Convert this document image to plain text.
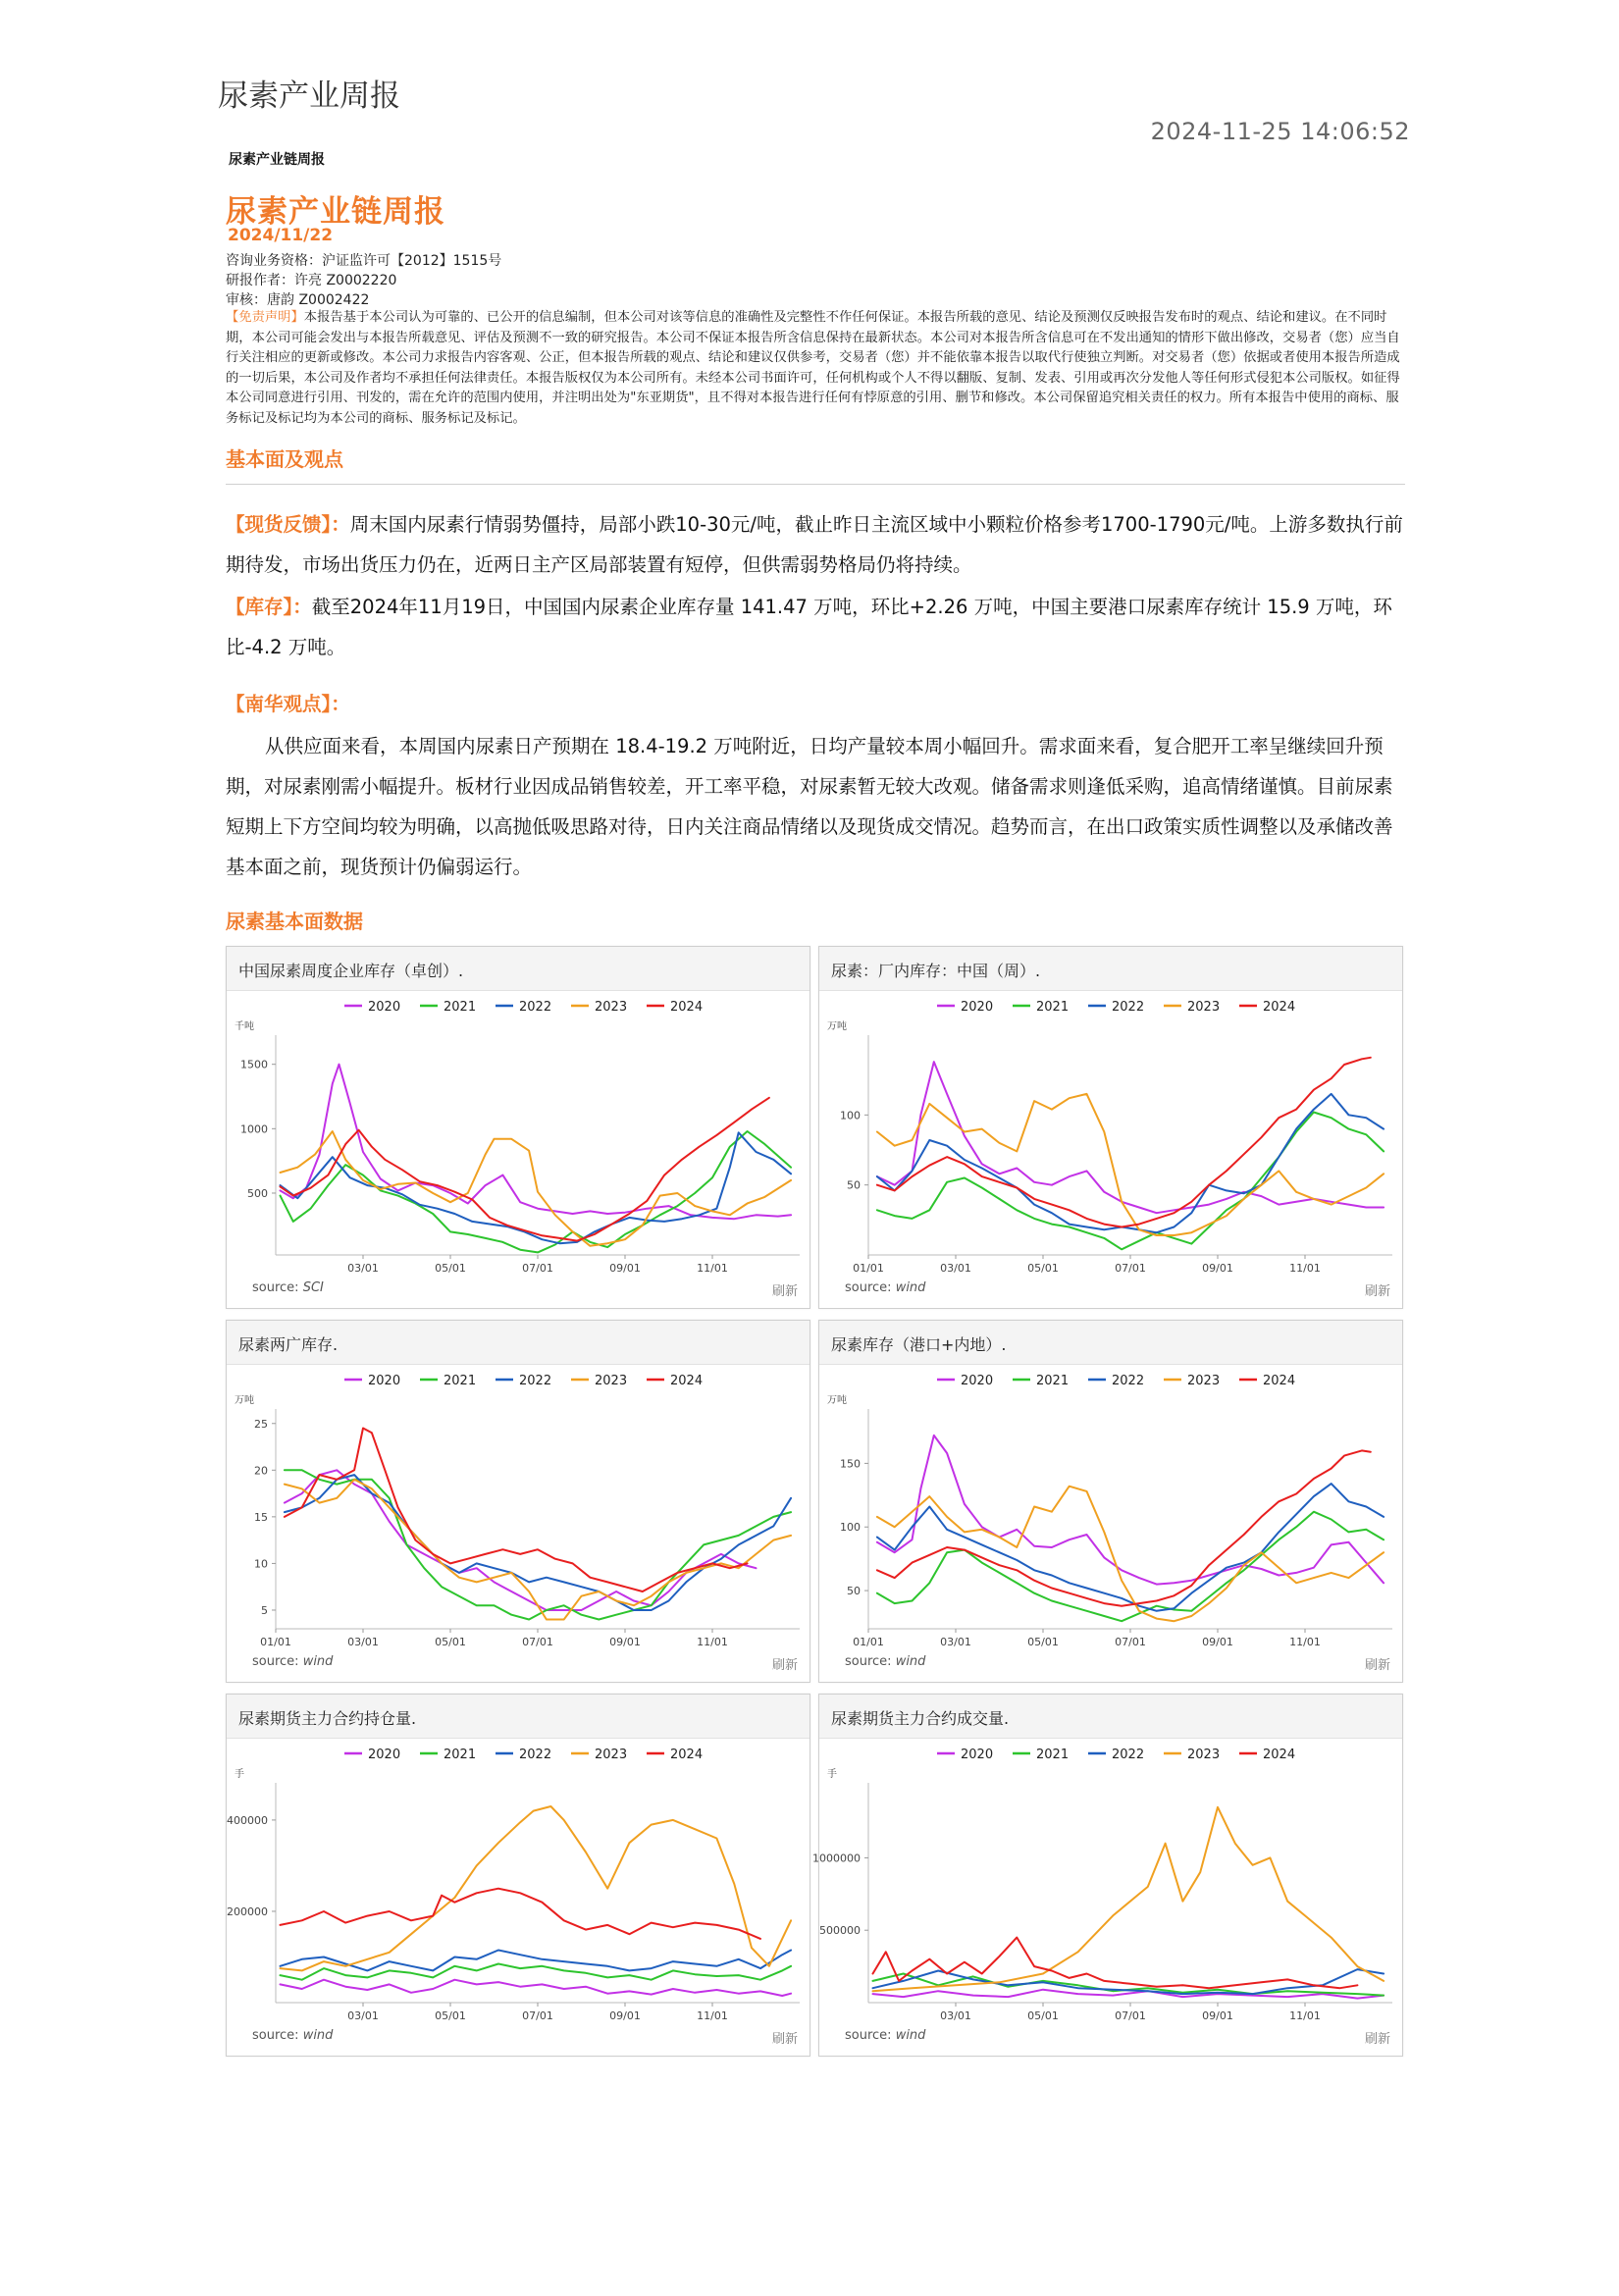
尿素产业周报
2024-11-25 14:06:52
尿素产业链周报
尿素产业链周报
2024/11/22
咨询业务资格：沪证监许可【2012】1515号
研报作者：许亮 Z0002220
审核：唐韵 Z0002422
【免责声明】本报告基于本公司认为可靠的、已公开的信息编制，但本公司对该等信息的准确性及完整性不作任何保证。本报告所载的意见、结论及预测仅反映报告发布时的观点、结论和建议。在不同时期，本公司可能会发出与本报告所载意见、评估及预测不一致的研究报告。本公司不保证本报告所含信息保持在最新状态。本公司对本报告所含信息可在不发出通知的情形下做出修改，交易者（您）应当自行关注相应的更新或修改。本公司力求报告内容客观、公正，但本报告所载的观点、结论和建议仅供参考，交易者（您）并不能依靠本报告以取代行使独立判断。对交易者（您）依据或者使用本报告所造成的一切后果，本公司及作者均不承担任何法律责任。本报告版权仅为本公司所有。未经本公司书面许可，任何机构或个人不得以翻版、复制、发表、引用或再次分发他人等任何形式侵犯本公司版权。如征得本公司同意进行引用、刊发的，需在允许的范围内使用，并注明出处为"东亚期货"，且不得对本报告进行任何有悖原意的引用、删节和修改。本公司保留追究相关责任的权力。所有本报告中使用的商标、服务标记及标记均为本公司的商标、服务标记及标记。
基本面及观点
【现货反馈】：周末国内尿素行情弱势僵持，局部小跌10-30元/吨，截止昨日主流区域中小颗粒价格参考1700-1790元/吨。上游多数执行前期待发，市场出货压力仍在，近两日主产区局部装置有短停，但供需弱势格局仍将持续。
【库存】：截至2024年11月19日，中国国内尿素企业库存量 141.47 万吨，环比+2.26 万吨，中国主要港口尿素库存统计 15.9 万吨，环比-4.2 万吨。
【南华观点】：
从供应面来看，本周国内尿素日产预期在 18.4-19.2 万吨附近，日均产量较本周小幅回升。需求面来看，复合肥开工率呈继续回升预期，对尿素刚需小幅提升。板材行业因成品销售较差，开工率平稳，对尿素暂无较大改观。储备需求则逢低采购，追高情绪谨慎。目前尿素短期上下方空间均较为明确，以高抛低吸思路对待，日内关注商品情绪以及现货成交情况。趋势而言，在出口政策实质性调整以及承储改善基本面之前，现货预计仍偏弱运行。
尿素基本面数据
中国尿素周度企业库存（卓创）.
2020	2021	2022	2023	2024
千吨
500
1000
1500
03/01	05/01	07/01	09/01	11/01
source: SCI	刷新
尿素：厂内库存：中国（周）.
2020	2021	2022	2023	2024
万吨
50
100
01/01	03/01	05/01	07/01	09/01	11/01
source: wind	刷新
尿素两广库存.
2020	2021	2022	2023	2024
万吨
5
10
15
20
25
01/01	03/01	05/01	07/01	09/01	11/01
source: wind	刷新
尿素库存（港口+内地）.
2020	2021	2022	2023	2024
万吨
50
100
150
01/01	03/01	05/01	07/01	09/01	11/01
source: wind	刷新
尿素期货主力合约持仓量.
2020	2021	2022	2023	2024
手
200000
400000
03/01	05/01	07/01	09/01	11/01
source: wind	刷新
尿素期货主力合约成交量.
2020	2021	2022	2023	2024
手
500000
1000000
03/01	05/01	07/01	09/01	11/01
source: wind	刷新
